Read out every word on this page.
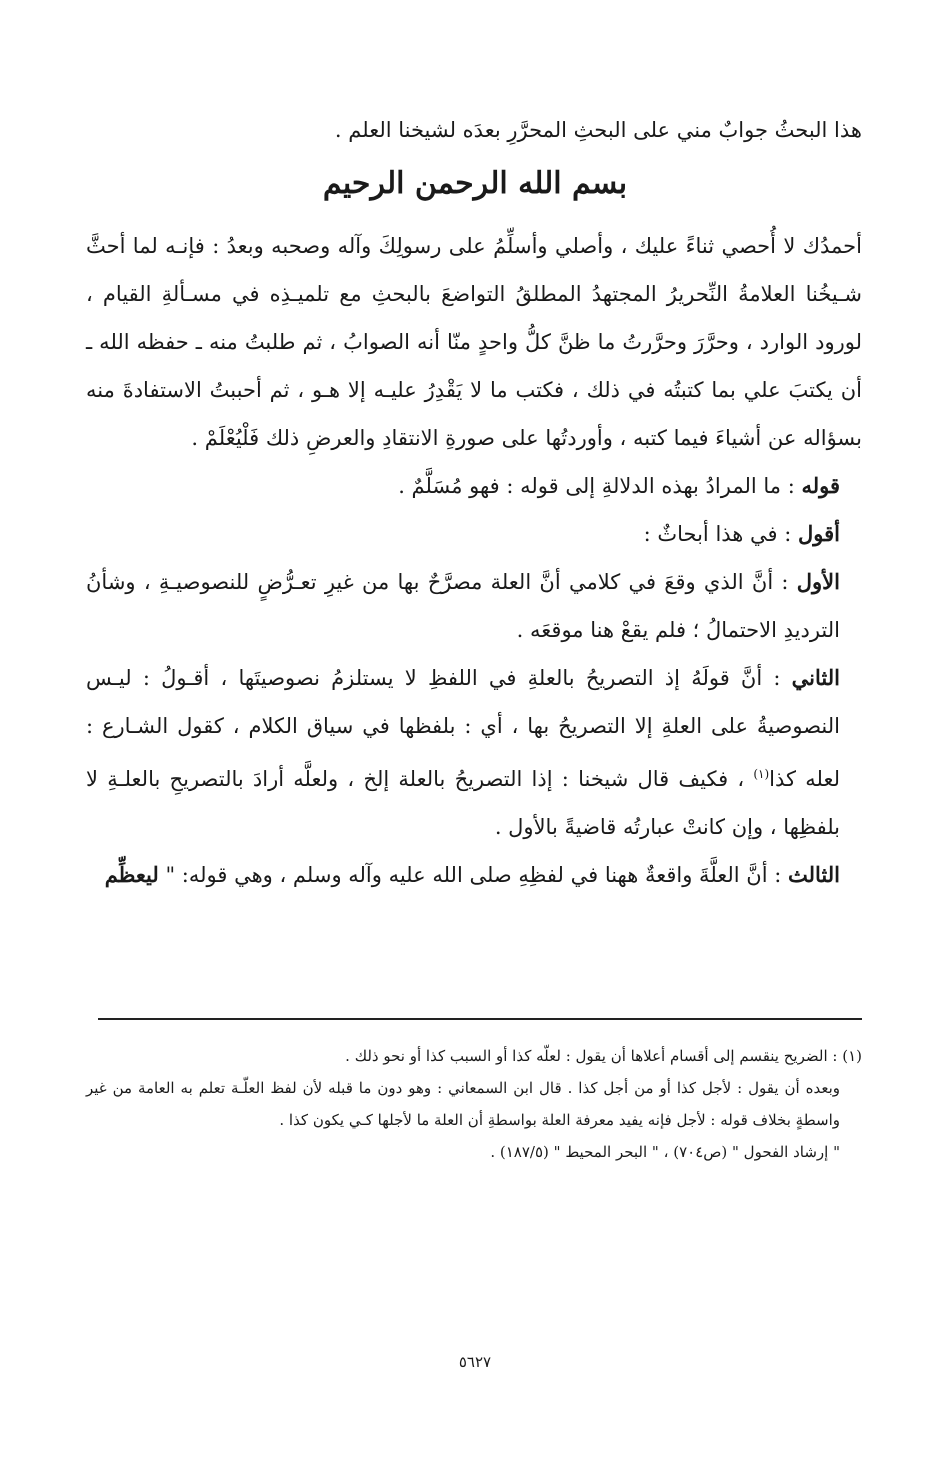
هذا البحثُ جوابٌ مني على البحثِ المحرَّرِ بعدَه لشيخنا العلم .
بسم الله الرحمن الرحيم

أحمدُك لا أُحصي ثناءً عليك ، وأصلي وأسلِّمُ على رسولِكَ وآله وصحبه وبعدُ : فإنـه لما أحثَّ شـيخُنا العلامةُ النِّحريرُ المجتهدُ المطلقُ التواضعَ بالبحثِ مع تلميـذِه في مسـألةِ القيام ، لورود الوارد ، وحرَّرَ وحرَّرتُ ما ظنَّ كلُّ واحدٍ منّا أنه الصوابُ ، ثم طلبتُ منه ـ حفظه الله ـ أن يكتبَ علي بما كتبتُه في ذلك ، فكتب ما لا يَقْدِرُ عليـه إلا هـو ، ثم أحببتُ الاستفادةَ منه بسؤاله عن أشياءَ فيما كتبه ، وأوردتُها على صورةِ الانتقادِ والعرضِ ذلك فَلْيُعْلَمْ .

قوله : ما المرادُ بهذه الدلالةِ إلى قوله : فهو مُسَلَّمٌ .

أقول : في هذا أبحاثٌ :

الأول : أنَّ الذي وقعَ في كلامي أنَّ العلة مصرَّحٌ بها من غيرِ تعـرُّضٍ للنصوصيـةِ ، وشأنُ الترديدِ الاحتمالُ ؛ فلم يقعْ هنا موقعَه .

الثاني : أنَّ قولَهُ إذ التصريحُ بالعلةِ في اللفظِ لا يستلزمُ نصوصيتَها ، أقـولُ : ليـس النصوصيةُ على العلةِ إلا التصريحُ بها ، أي : بلفظها في سياق الكلام ، كقول الشـارع : لعله كذا$^{(١)}$ ، فكيف قال شيخنا : إذا التصريحُ بالعلة إلخ ، ولعلَّه أرادَ بالتصريحِ بالعلـةِ لا بلفظِها ، وإن كانتْ عبارتُه قاضيةً بالأول .

الثالث : أنَّ العلَّةَ واقعةٌ ههنا في لفظِهِ صلى الله عليه وآله وسلم ، وهي قوله: " ليعظِّم

(١) : الضريح ينقسم إلى أقسام أعلاها أن يقول : لعلّه كذا أو السبب كذا أو نحو ذلك .

وبعده أن يقول : لأجل كذا أو من أجل كذا . قال ابن السمعاني : وهو دون ما قبله لأن لفظ العلّـة تعلم به العامة من غير واسطةٍ بخلاف قوله : لأجل فإنه يفيد معرفة العلة بواسطةِ أن العلة ما لأجلها كـي يكون كذا .

" إرشاد الفحول " (ص٧٠٤) ، " البحر المحيط " (١٨٧/٥) .

٥٦٢٧
